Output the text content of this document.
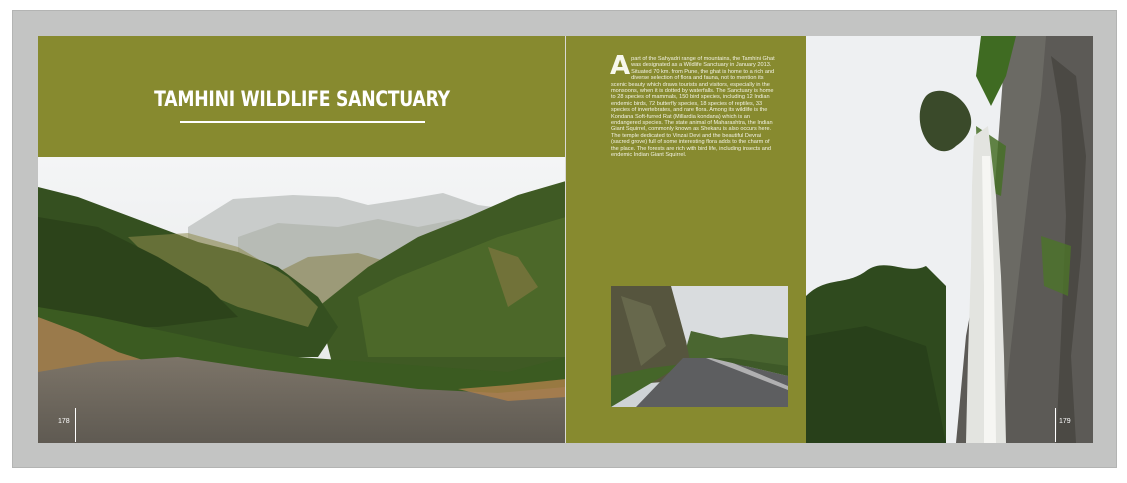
TAMHINI WILDLIFE SANCTUARY
178

Apart of the Sahyadri range of mountains, the Tamhini Ghat was designated as a Wildlife Sanctuary in January 2013. Situated 70 km. from Pune, the ghat is home to a rich and diverse selection of flora and fauna, not to mention its scenic beauty which draws tourists and visitors, especially in the monsoons, when it is dotted by waterfalls. The Sanctuary is home to 28 species of mammals, 150 bird species, including 12 Indian endemic birds, 72 butterfly species, 18 species of reptiles, 33 species of invertebrates, and rare flora. Among its wildlife is the Kondana Soft-furred Rat (Millardia kondana) which is an endangered species. The state animal of Maharashtra, the Indian Giant Squirrel, commonly known as Shekaru is also occurs here. The temple dedicated to Vinzai Devi and the beautiful Devrai (sacred grove) full of some interesting flora adds to the charm of the place. The forests are rich with bird life, including insects and endemic Indian Giant Squirrel.

179
